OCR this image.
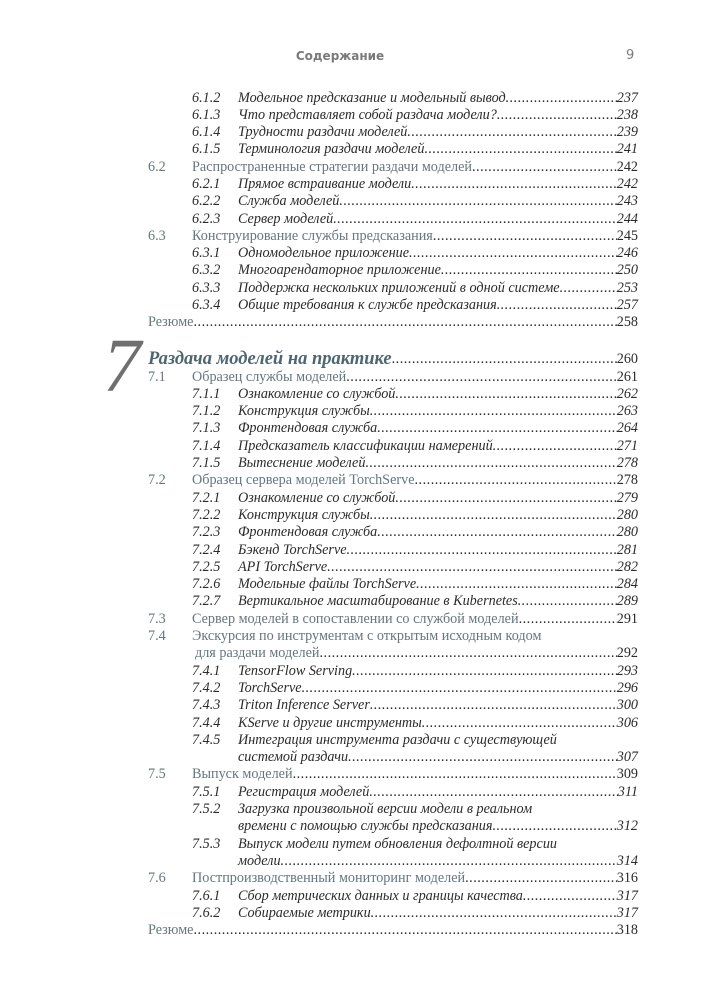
Содержание	9
6.1.2 Модельное предсказание и модельный вывод .....	237
6.1.3 Что представляет собой раздача модели? .....	238
6.1.4 Трудности раздачи моделей .....	239
6.1.5 Терминология раздачи моделей .....	241
6.2 Распространенные стратегии раздачи моделей .....	242
6.2.1 Прямое встраивание модели .....	242
6.2.2 Служба моделей .....	243
6.2.3 Сервер моделей .....	244
6.3 Конструирование службы предсказания .....	245
6.3.1 Одномодельное приложение .....	246
6.3.2 Многоарендаторное приложение .....	250
6.3.3 Поддержка нескольких приложений в одной системе .....	253
6.3.4 Общие требования к службе предсказания .....	257
Резюме .....	258
7 Раздача моделей на практике .....	260
7.1 Образец службы моделей .....	261
7.1.1 Ознакомление со службой .....	262
7.1.2 Конструкция службы .....	263
7.1.3 Фронтендовая служба .....	264
7.1.4 Предсказатель классификации намерений .....	271
7.1.5 Вытеснение моделей .....	278
7.2 Образец сервера моделей TorchServe .....	278
7.2.1 Ознакомление со службой .....	279
7.2.2 Конструкция службы .....	280
7.2.3 Фронтендовая служба .....	280
7.2.4 Бэкенд TorchServe .....	281
7.2.5 API TorchServe .....	282
7.2.6 Модельные файлы TorchServe .....	284
7.2.7 Вертикальное масштабирование в Kubernetes .....	289
7.3 Сервер моделей в сопоставлении со службой моделей .....	291
7.4 Экскурсия по инструментам с открытым исходным кодом
для раздачи моделей .....	292
7.4.1 TensorFlow Serving .....	293
7.4.2 TorchServe .....	296
7.4.3 Triton Inference Server .....	300
7.4.4 KServe и другие инструменты .....	306
7.4.5 Интеграция инструмента раздачи с существующей
системой раздачи .....	307
7.5 Выпуск моделей .....	309
7.5.1 Регистрация моделей .....	311
7.5.2 Загрузка произвольной версии модели в реальном
времени с помощью службы предсказания .....	312
7.5.3 Выпуск модели путем обновления дефолтной версии
модели .....	314
7.6 Постпроизводственный мониторинг моделей .....	316
7.6.1 Сбор метрических данных и границы качества .....	317
7.6.2 Собираемые метрики .....	317
Резюме .....	318
